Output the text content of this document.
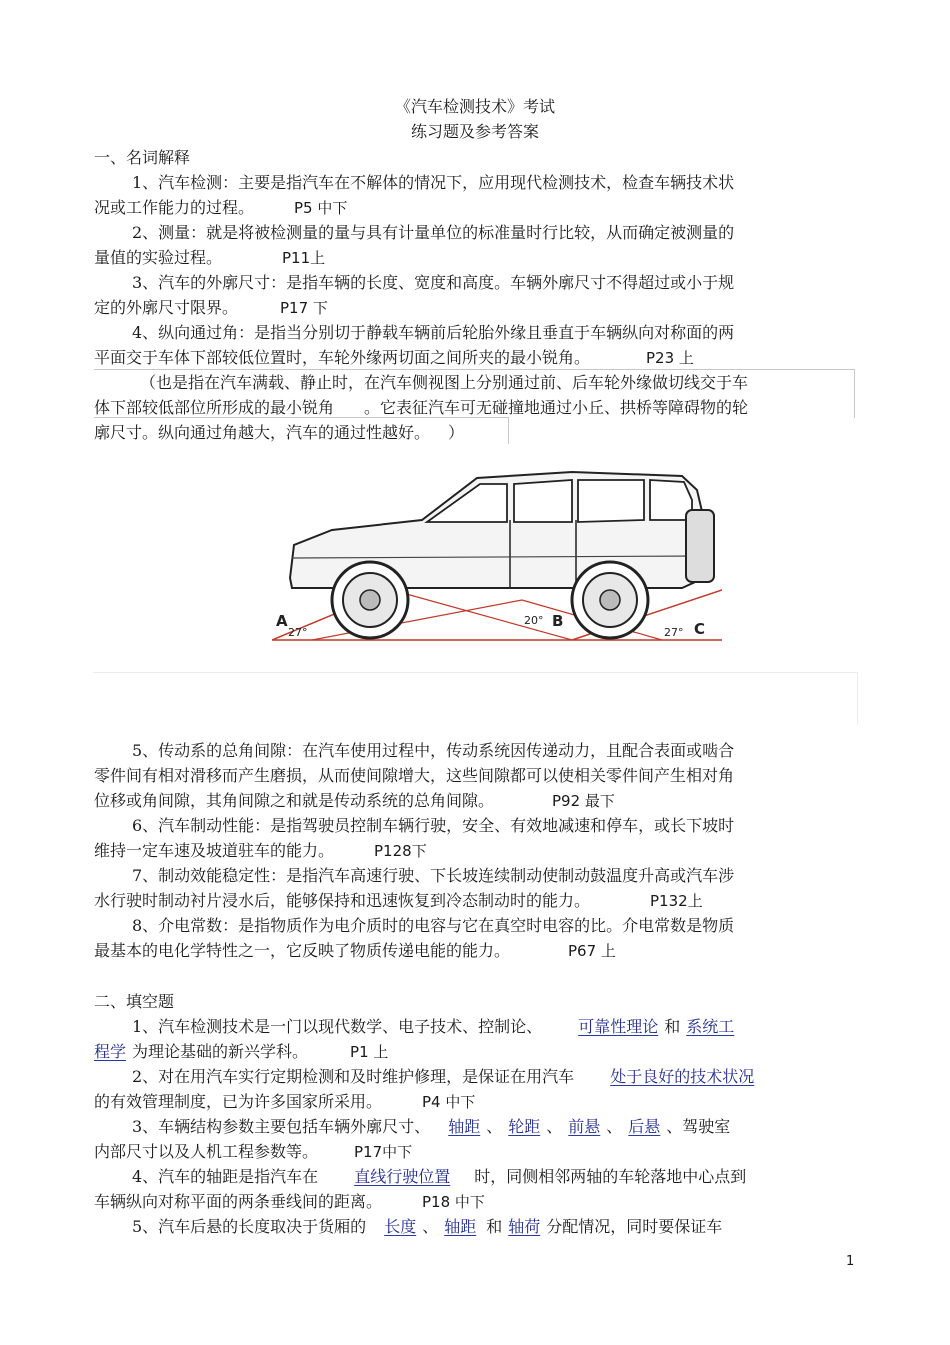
《汽车检测技术》考试
练习题及参考答案
一、名词解释
1、汽车检测：主要是指汽车在不解体的情况下，应用现代检测技术，检查车辆技术状
况或工作能力的过程。	P5 中下
2、测量：就是将被检测量的量与具有计量单位的标准量时行比较，从而确定被测量的
量值的实验过程。	P11上
3、汽车的外廓尺寸：是指车辆的长度、宽度和高度。车辆外廓尺寸不得超过或小于规
定的外廓尺寸限界。	P17 下
4、纵向通过角：是指当分别切于静载车辆前后轮胎外缘且垂直于车辆纵向对称面的两
平面交于车体下部较低位置时，车轮外缘两切面之间所夹的最小锐角。	P23 上
（也是指在汽车满载、静止时，在汽车侧视图上分别通过前、后车轮外缘做切线交于车
体下部较低部位所形成的最小锐角 。它表征汽车可无碰撞地通过小丘、拱桥等障碍物的轮
廓尺寸。纵向通过角越大，汽车的通过性越好。 ）
A
27°
20° B
27° C
5、传动系的总角间隙：在汽车使用过程中，传动系统因传递动力，且配合表面或啮合
零件间有相对滑移而产生磨损，从而使间隙增大，这些间隙都可以使相关零件间产生相对角
位移或角间隙，其角间隙之和就是传动系统的总角间隙。	P92 最下
6、汽车制动性能：是指驾驶员控制车辆行驶，安全、有效地减速和停车，或长下坡时
维持一定车速及坡道驻车的能力。	P128下
7、制动效能稳定性：是指汽车高速行驶、下长坡连续制动使制动鼓温度升高或汽车涉
水行驶时制动衬片浸水后，能够保持和迅速恢复到冷态制动时的能力。	P132上
8、介电常数：是指物质作为电介质时的电容与它在真空时电容的比。介电常数是物质
最基本的电化学特性之一，它反映了物质传递电能的能力。	P67 上
二、填空题
1、汽车检测技术是一门以现代数学、电子技术、控制论、 可靠性理论 和 系统工
程学 为理论基础的新兴学科。	P1 上
2、对在用汽车实行定期检测和及时维护修理，是保证在用汽车 处于良好的技术状况
的有效管理制度，已为许多国家所采用。	P4 中下
3、车辆结构参数主要包括车辆外廓尺寸、 轴距 、 轮距 、 前悬 、 后悬 、驾驶室
内部尺寸以及人机工程参数等。 P17中下
4、汽车的轴距是指汽车在 直线行驶位置 时，同侧相邻两轴的车轮落地中心点到
车辆纵向对称平面的两条垂线间的距离。	P18 中下
5、汽车后悬的长度取决于货厢的 长度 、 轴距 和 轴荷 分配情况，同时要保证车
1
